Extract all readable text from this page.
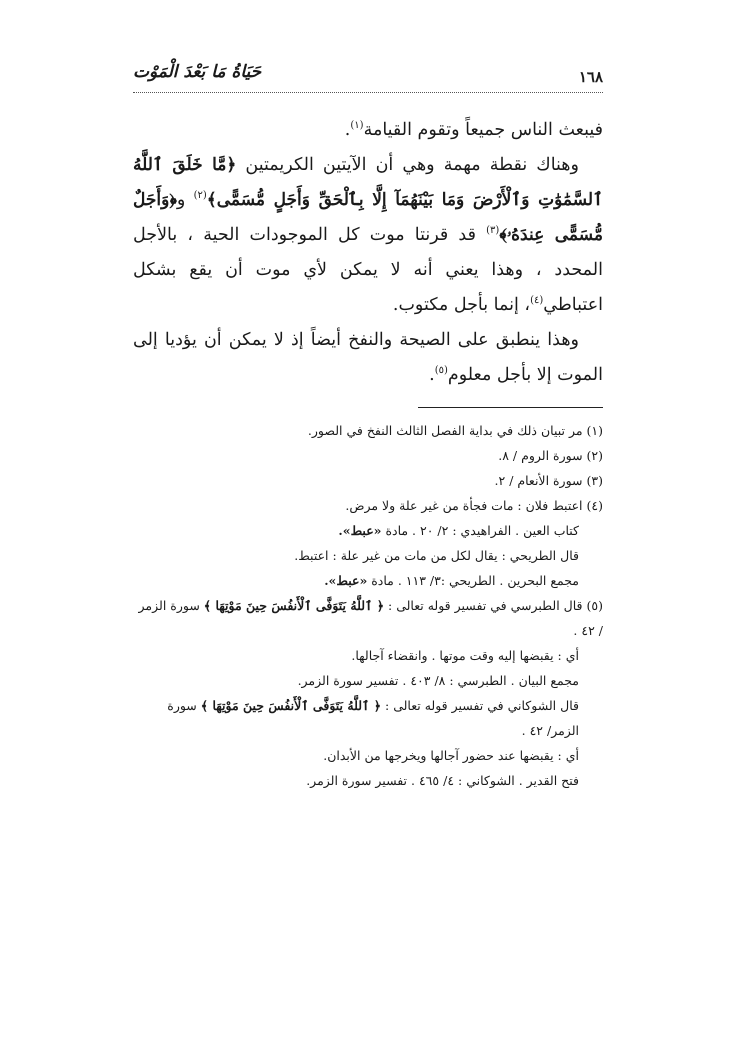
١٦٨
حَيَاةُ مَا بَعْدَ الْمَوْت

فيبعث الناس جميعاً وتقوم القيامة$^{(١)}$.

وهناك نقطة مهمة وهي أن الآيتين الكريمتين ﴿مَّا خَلَقَ ٱللَّهُ ٱلسَّمَٰوَٰتِ وَٱلْأَرْضَ وَمَا بَيْنَهُمَآ إِلَّا بِٱلْحَقِّ وَأَجَلٍ مُّسَمًّى﴾$^{(٢)}$ و﴿وَأَجَلٌ مُّسَمًّى عِندَهُۥ﴾$^{(٣)}$ قد قرنتا موت كل الموجودات الحية ، بالأجل المحدد ، وهذا يعني أنه لا يمكن لأي موت أن يقع بشكل اعتباطي$^{(٤)}$، إنما بأجل مكتوب.

وهذا ينطبق على الصيحة والنفخ أيضاً إذ لا يمكن أن يؤديا إلى الموت إلا بأجل معلوم$^{(٥)}$.

(١) مر تبيان ذلك في بداية الفصل الثالث النفخ في الصور.

(٢) سورة الروم / ٨.

(٣) سورة الأنعام / ٢.

(٤) اعتبط فلان : مات فجأة من غير علة ولا مرض.

كتاب العين . الفراهيدي : ٢/ ٢٠ . مادة «عبط».

قال الطريحي : يقال لكل من مات من غير علة : اعتبط.

مجمع البحرين . الطريحي :٣/ ١١٣ . مادة «عبط».

(٥) قال الطبرسي في تفسير قوله تعالى : ﴿ ٱللَّهُ يَتَوَفَّى ٱلْأَنفُسَ حِينَ مَوْتِهَا ﴾ سورة الزمر / ٤٢ .

أي : يقبضها إليه وقت موتها . وانقضاء آجالها.

مجمع البيان . الطبرسي : ٨/ ٤٠٣ . تفسير سورة الزمر.

قال الشوكاني في تفسير قوله تعالى : ﴿ ٱللَّهُ يَتَوَفَّى ٱلْأَنفُسَ حِينَ مَوْتِهَا ﴾ سورة الزمر/ ٤٢ .

أي : يقبضها عند حضور آجالها ويخرجها من الأبدان.

فتح القدير . الشوكاني : ٤/ ٤٦٥ . تفسير سورة الزمر.
